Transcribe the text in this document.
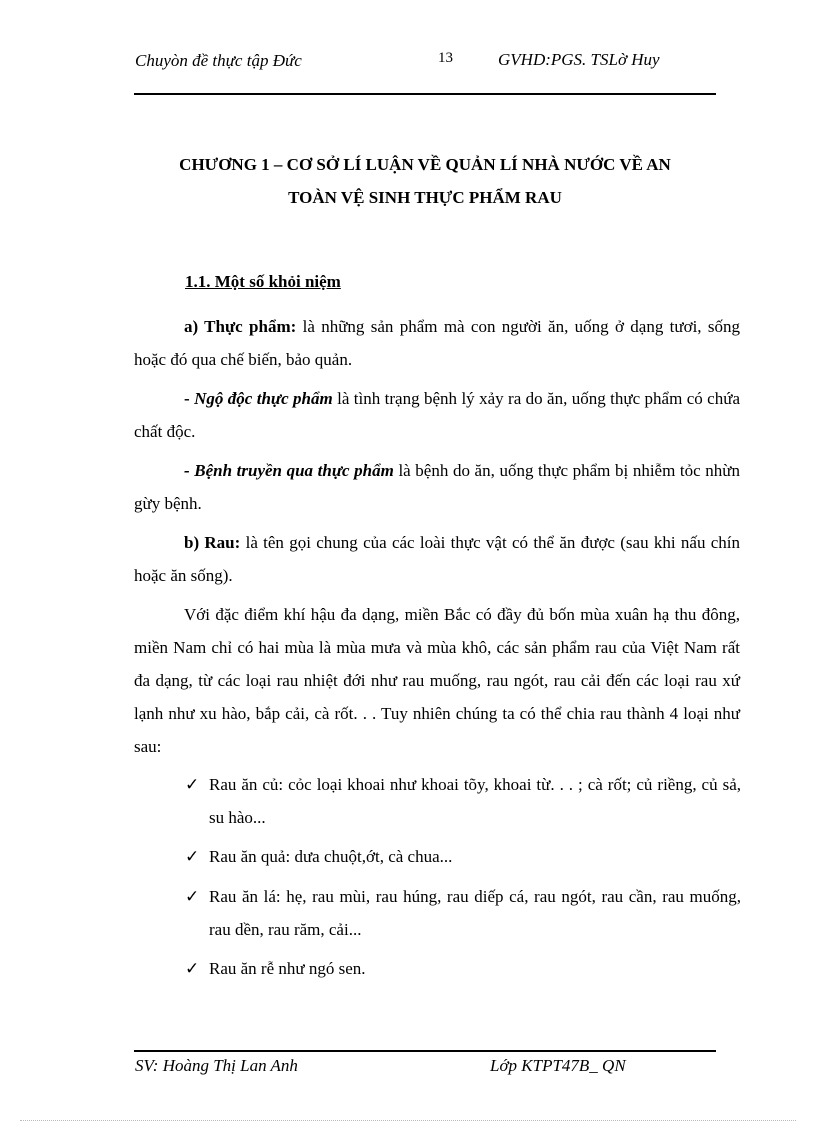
Chuyòn đề thực tập Đức	13	GVHD:PGS. TSLờ Huy
CHƯƠNG 1 – CƠ SỞ LÍ LUẬN VỀ QUẢN LÍ NHÀ NƯỚC VỀ AN
TOÀN VỆ SINH THỰC PHẨM RAU
1.1. Một số khỏi niệm
a) Thực phẩm: là những sản phẩm mà con người ăn, uống ở dạng tươi, sống hoặc đó qua chế biến, bảo quản.
- Ngộ độc thực phẩm là tình trạng bệnh lý xảy ra do ăn, uống thực phẩm có chứa chất độc.
- Bệnh truyền qua thực phẩm là bệnh do ăn, uống thực phẩm bị nhiễm tỏc nhừn gừy bệnh.
b) Rau: là tên gọi chung của các loài thực vật có thể ăn được (sau khi nấu chín hoặc ăn sống).
Với đặc điểm khí hậu đa dạng, miền Bắc có đầy đủ bốn mùa xuân hạ thu đông, miền Nam chỉ có hai mùa là mùa mưa và mùa khô, các sản phẩm rau của Việt Nam rất đa dạng, từ các loại rau nhiệt đới như rau muống, rau ngót, rau cải đến các loại rau xứ lạnh như xu hào, bắp cải, cà rốt. . . Tuy nhiên chúng ta có thể chia rau thành 4 loại như sau:
✓ Rau ăn củ: cỏc loại khoai như khoai tõy, khoai từ. . . ; cà rốt; củ riềng, củ sả, su hào...
✓ Rau ăn quả: dưa chuột,ớt, cà chua...
✓ Rau ăn lá: hẹ, rau mùi, rau húng, rau diếp cá, rau ngót, rau cần, rau muống, rau dền, rau răm, cải...
✓ Rau ăn rễ như ngó sen.
SV: Hoàng Thị Lan Anh	Lớp KTPT47B_ QN
